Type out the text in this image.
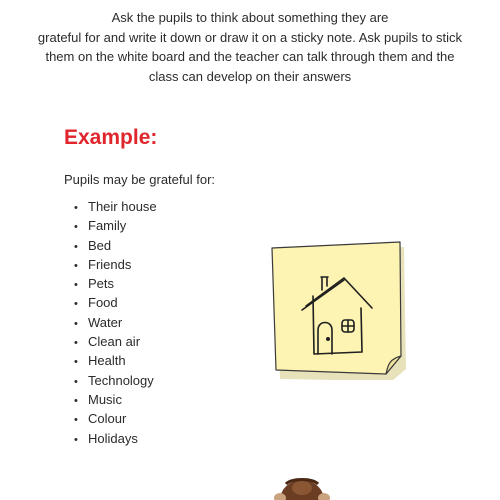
Ask the pupils to think about something they are
grateful for and write it down or draw it on a sticky note. Ask pupils to stick
them on the white board and the teacher can talk through them and the
class can develop on their answers
Example:
Pupils may be grateful for:
• Their house
• Family
• Bed
• Friends
• Pets
• Food
• Water
• Clean air
• Health
• Technology
• Music
• Colour
• Holidays
